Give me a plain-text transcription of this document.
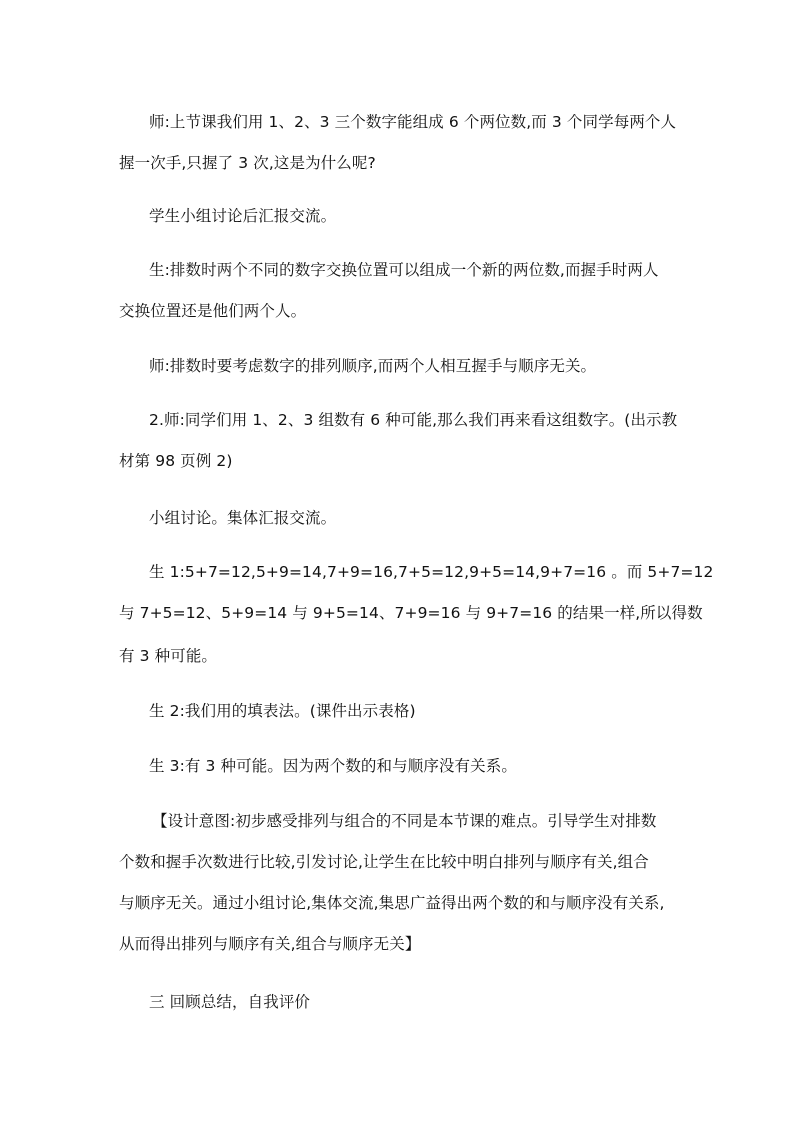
师:上节课我们用 1、2、3 三个数字能组成 6 个两位数,而 3 个同学每两个人
握一次手,只握了 3 次,这是为什么呢?
学生小组讨论后汇报交流。
生:排数时两个不同的数字交换位置可以组成一个新的两位数,而握手时两人
交换位置还是他们两个人。
师:排数时要考虑数字的排列顺序,而两个人相互握手与顺序无关。
2.师:同学们用 1、2、3 组数有 6 种可能,那么我们再来看这组数字。(出示教
材第 98 页例 2)
小组讨论。集体汇报交流。
生 1:5+7=12,5+9=14,7+9=16,7+5=12,9+5=14,9+7=16 。而 5+7=12
与 7+5=12、5+9=14 与 9+5=14、7+9=16 与 9+7=16 的结果一样,所以得数
有 3 种可能。
生 2:我们用的填表法。(课件出示表格)
生 3:有 3 种可能。因为两个数的和与顺序没有关系。
【设计意图:初步感受排列与组合的不同是本节课的难点。引导学生对排数
个数和握手次数进行比较,引发讨论,让学生在比较中明白排列与顺序有关,组合
与顺序无关。通过小组讨论,集体交流,集思广益得出两个数的和与顺序没有关系,
从而得出排列与顺序有关,组合与顺序无关】
三 回顾总结，自我评价
